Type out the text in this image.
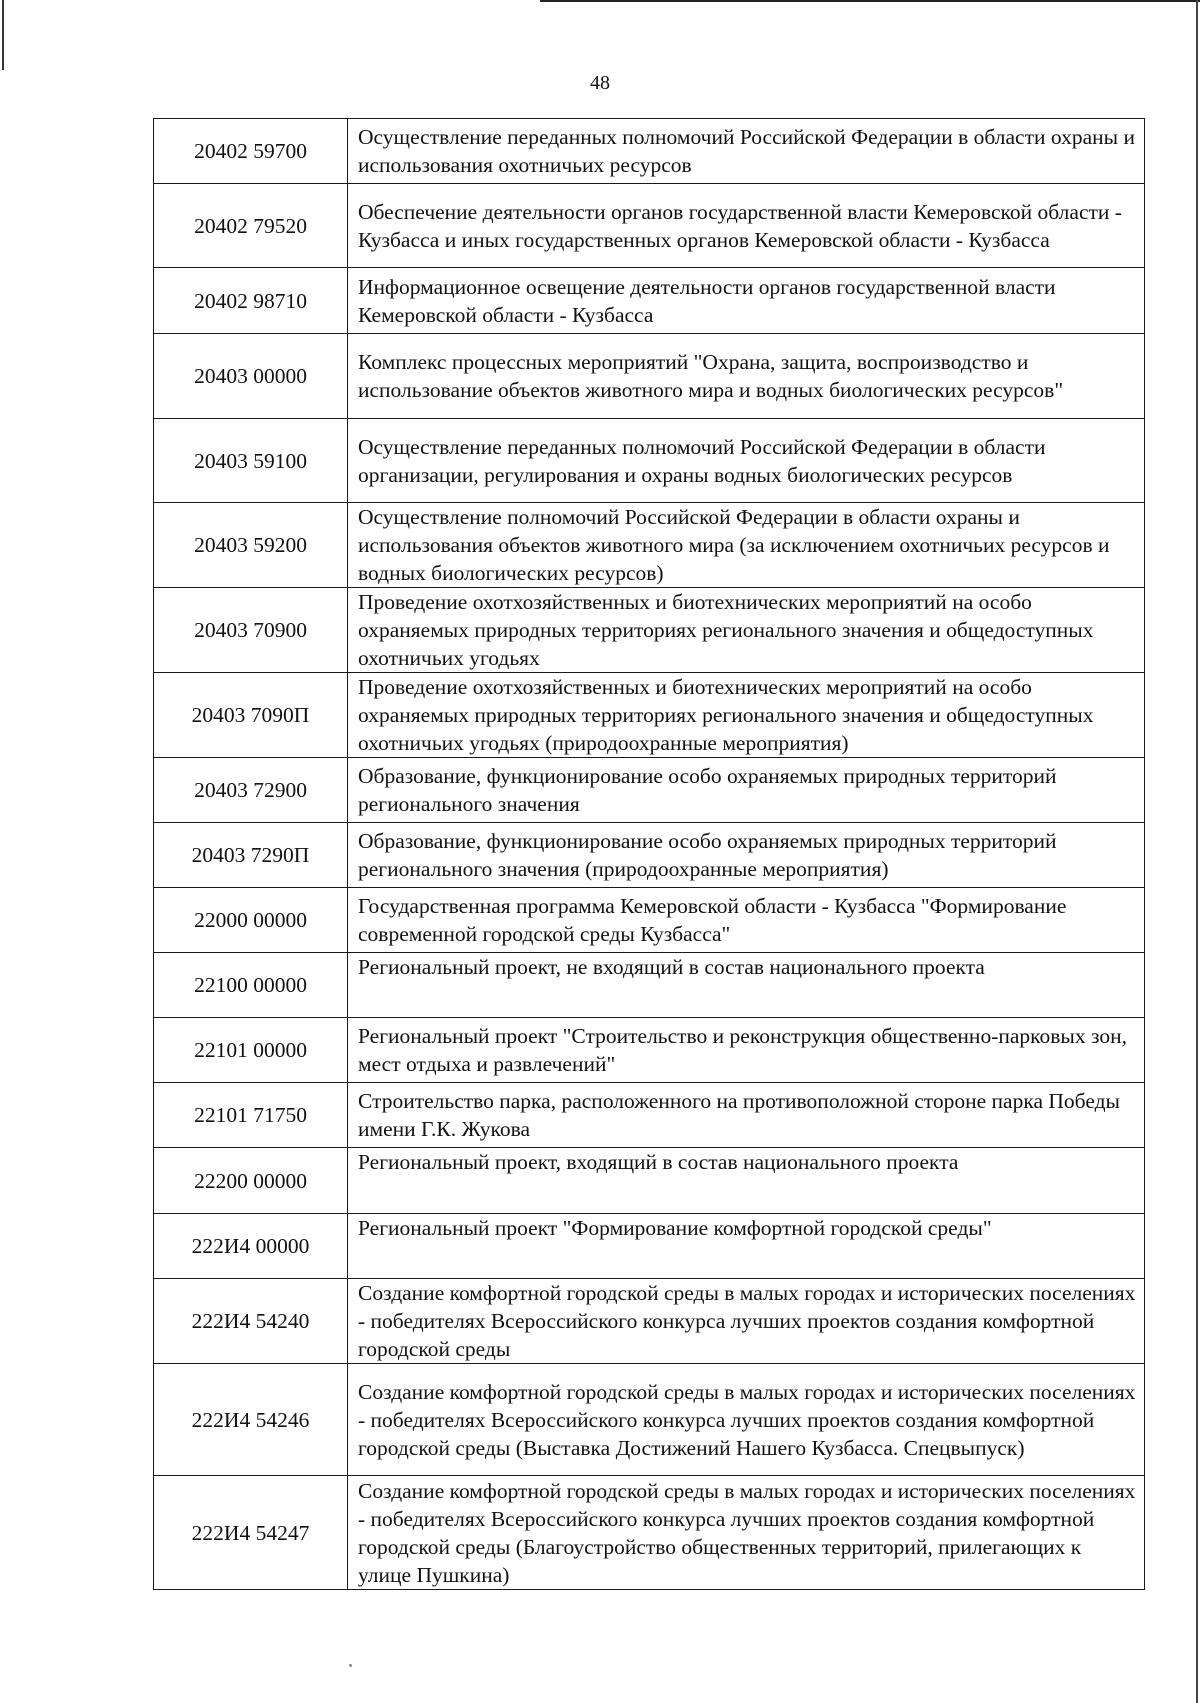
48
20402 59700	Осуществление переданных полномочий Российской Федерации в области охраны и использования охотничьих ресурсов
20402 79520	Обеспечение деятельности органов государственной власти Кемеровской области - Кузбасса и иных государственных органов Кемеровской области - Кузбасса
20402 98710	Информационное освещение деятельности органов государственной власти Кемеровской области - Кузбасса
20403 00000	Комплекс процессных мероприятий "Охрана, защита, воспроизводство и использование объектов животного мира и водных биологических ресурсов"
20403 59100	Осуществление переданных полномочий Российской Федерации в области организации, регулирования и охраны водных биологических ресурсов
20403 59200	Осуществление полномочий Российской Федерации в области охраны и использования объектов животного мира (за исключением охотничьих ресурсов и водных биологических ресурсов)
20403 70900	Проведение охотхозяйственных и биотехнических мероприятий на особо охраняемых природных территориях регионального значения и общедоступных охотничьих угодьях
20403 7090П	Проведение охотхозяйственных и биотехнических мероприятий на особо охраняемых природных территориях регионального значения и общедоступных охотничьих угодьях (природоохранные мероприятия)
20403 72900	Образование, функционирование особо охраняемых природных территорий регионального значения
20403 7290П	Образование, функционирование особо охраняемых природных территорий регионального значения (природоохранные мероприятия)
22000 00000	Государственная программа Кемеровской области - Кузбасса "Формирование современной городской среды Кузбасса"
22100 00000	Региональный проект, не входящий в состав национального проекта
22101 00000	Региональный проект "Строительство и реконструкция общественно-парковых зон, мест отдыха и развлечений"
22101 71750	Строительство парка, расположенного на противоположной стороне парка Победы имени Г.К. Жукова
22200 00000	Региональный проект, входящий в состав национального проекта
222И4 00000	Региональный проект "Формирование комфортной городской среды"
222И4 54240	Создание комфортной городской среды в малых городах и исторических поселениях - победителях Всероссийского конкурса лучших проектов создания комфортной городской среды
222И4 54246	Создание комфортной городской среды в малых городах и исторических поселениях - победителях Всероссийского конкурса лучших проектов создания комфортной городской среды (Выставка Достижений Нашего Кузбасса. Спецвыпуск)
222И4 54247	Создание комфортной городской среды в малых городах и исторических поселениях - победителях Всероссийского конкурса лучших проектов создания комфортной городской среды (Благоустройство общественных территорий, прилегающих к улице Пушкина)
